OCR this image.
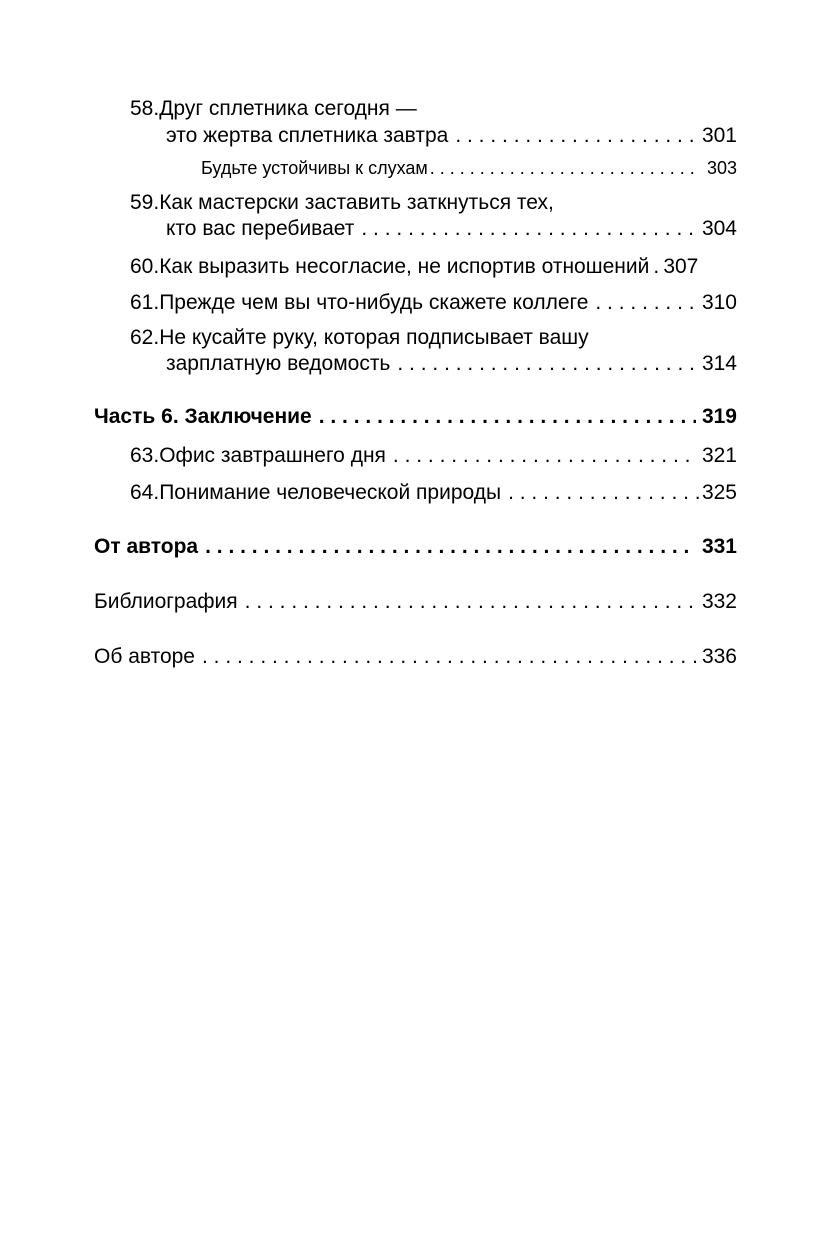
58. Друг сплетника сегодня —
это жертва сплетника завтра . . .	301
Будьте устойчивы к слухам . . .	303
59. Как мастерски заставить заткнуться тех,
кто вас перебивает . . .	304
60. Как выразить несогласие, не испортив отношений . . . 307
61. Прежде чем вы что-нибудь скажете коллеге . . .	310
62. Не кусайте руку, которая подписывает вашу
зарплатную ведомость . . .	314
Часть 6. Заключение . . .	319
63. Офис завтрашнего дня . . .	321
64. Понимание человеческой природы . . .	325
От автора . . .	331
Библиография . . .	332
Об авторе . . .	336
